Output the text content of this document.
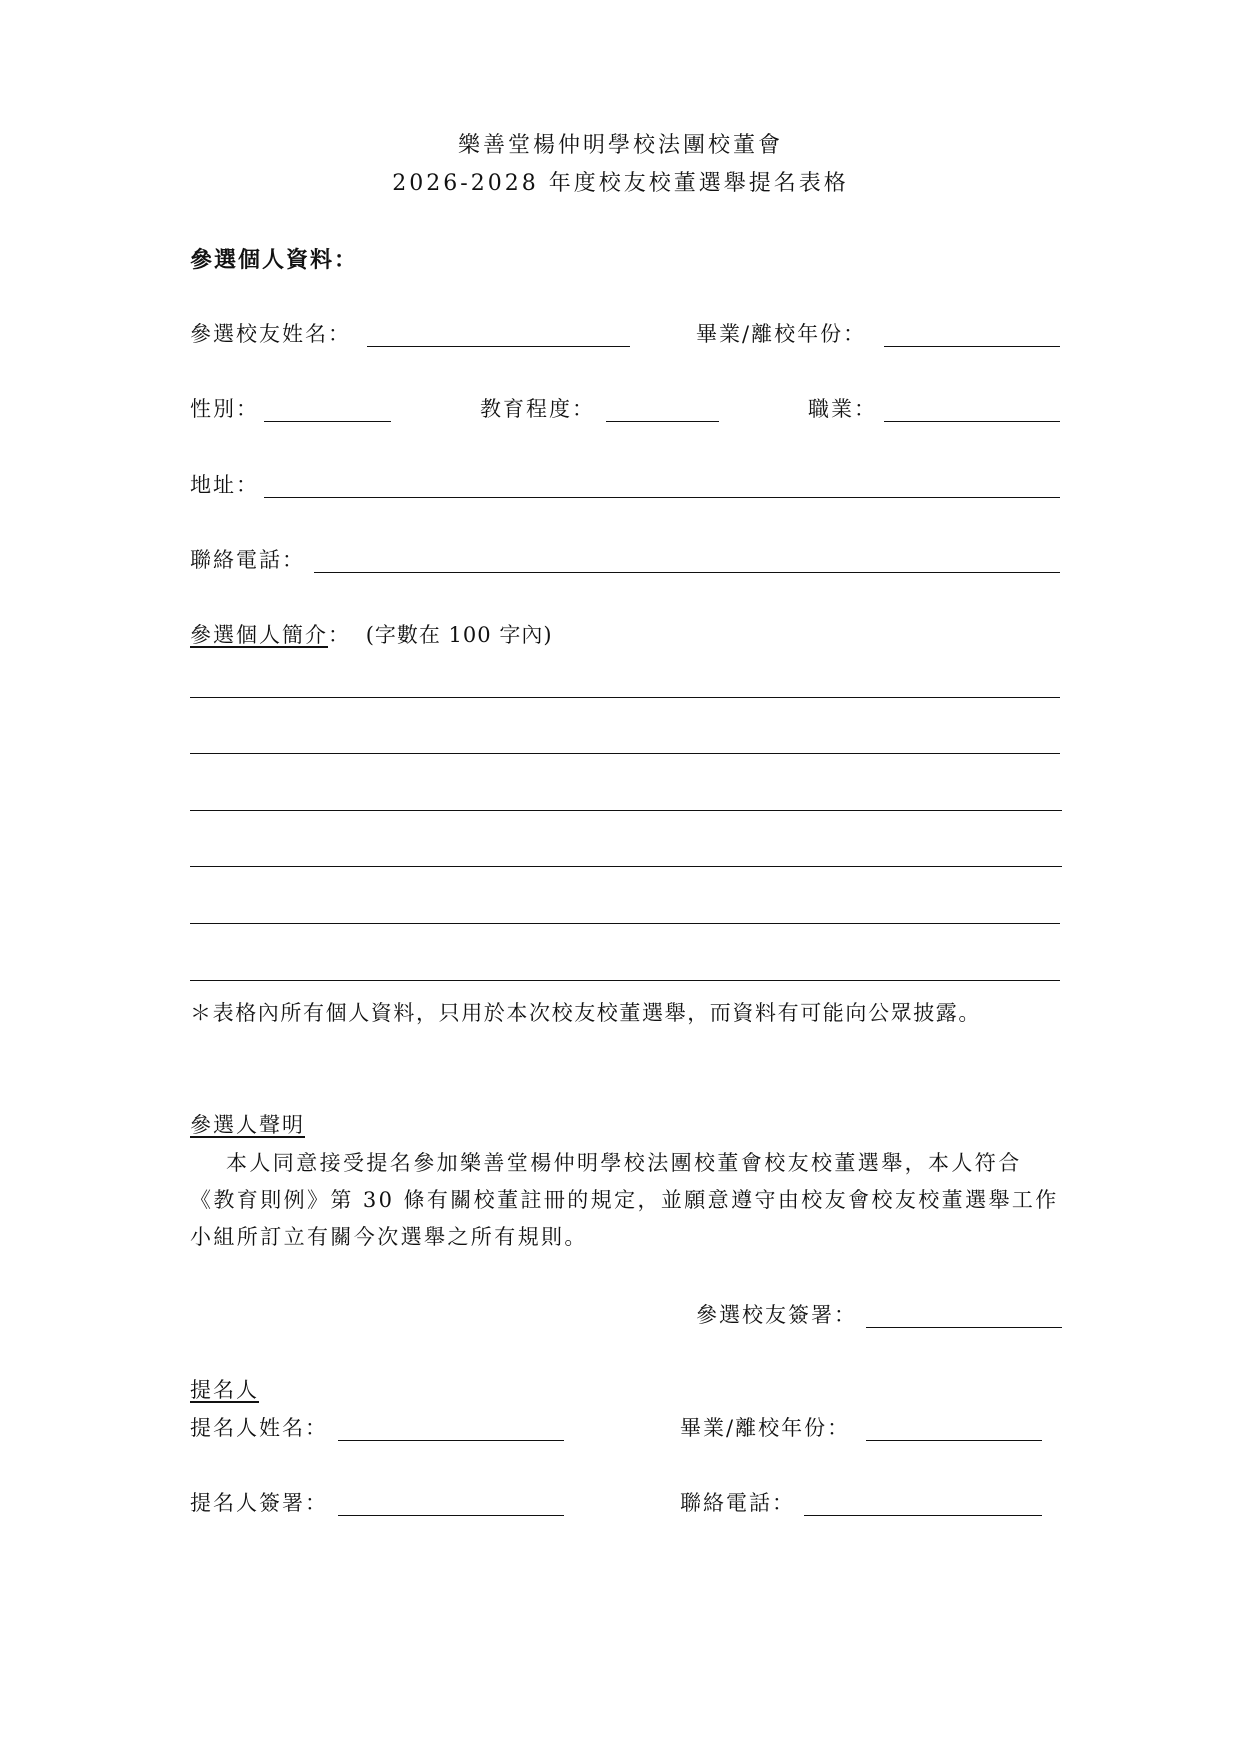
樂善堂楊仲明學校法團校董會
2026-2028 年度校友校董選舉提名表格
參選個人資料：
參選校友姓名：	畢業/離校年份：
性別：	教育程度：	職業：
地址：
聯絡電話：
參選個人簡介： (字數在 100 字內)
＊表格內所有個人資料，只用於本次校友校董選舉，而資料有可能向公眾披露。
參選人聲明
本人同意接受提名參加樂善堂楊仲明學校法團校董會校友校董選舉，本人符合《教育則例》第 30 條有關校董註冊的規定，並願意遵守由校友會校友校董選舉工作小組所訂立有關今次選舉之所有規則。
參選校友簽署：
提名人
提名人姓名：	畢業/離校年份：
提名人簽署：	聯絡電話：
